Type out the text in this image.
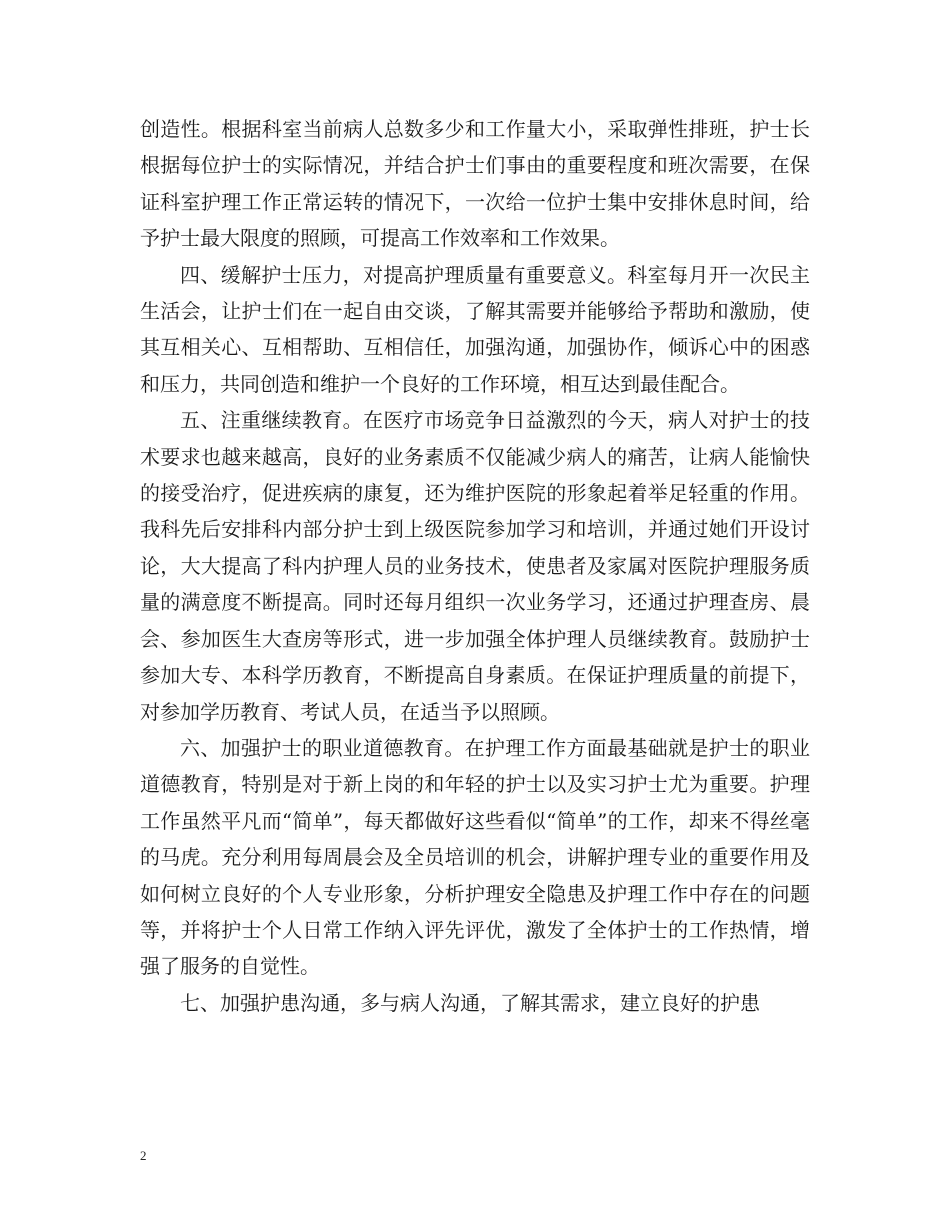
创造性。根据科室当前病人总数多少和工作量大小，采取弹性排班，护士长根据每位护士的实际情况，并结合护士们事由的重要程度和班次需要，在保证科室护理工作正常运转的情况下，一次给一位护士集中安排休息时间，给予护士最大限度的照顾，可提高工作效率和工作效果。

四、缓解护士压力，对提高护理质量有重要意义。科室每月开一次民主生活会，让护士们在一起自由交谈，了解其需要并能够给予帮助和激励，使其互相关心、互相帮助、互相信任，加强沟通，加强协作，倾诉心中的困惑和压力，共同创造和维护一个良好的工作环境，相互达到最佳配合。

五、注重继续教育。在医疗市场竞争日益激烈的今天，病人对护士的技术要求也越来越高，良好的业务素质不仅能减少病人的痛苦，让病人能愉快的接受治疗，促进疾病的康复，还为维护医院的形象起着举足轻重的作用。我科先后安排科内部分护士到上级医院参加学习和培训，并通过她们开设讨论，大大提高了科内护理人员的业务技术，使患者及家属对医院护理服务质量的满意度不断提高。同时还每月组织一次业务学习，还通过护理查房、晨会、参加医生大查房等形式，进一步加强全体护理人员继续教育。鼓励护士参加大专、本科学历教育，不断提高自身素质。在保证护理质量的前提下，对参加学历教育、考试人员，在适当予以照顾。

六、加强护士的职业道德教育。在护理工作方面最基础就是护士的职业道德教育，特别是对于新上岗的和年轻的护士以及实习护士尤为重要。护理工作虽然平凡而“简单”，每天都做好这些看似“简单”的工作，却来不得丝毫的马虎。充分利用每周晨会及全员培训的机会，讲解护理专业的重要作用及如何树立良好的个人专业形象，分析护理安全隐患及护理工作中存在的问题等，并将护士个人日常工作纳入评先评优，激发了全体护士的工作热情，增强了服务的自觉性。

七、加强护患沟通，多与病人沟通，了解其需求，建立良好的护患

2
